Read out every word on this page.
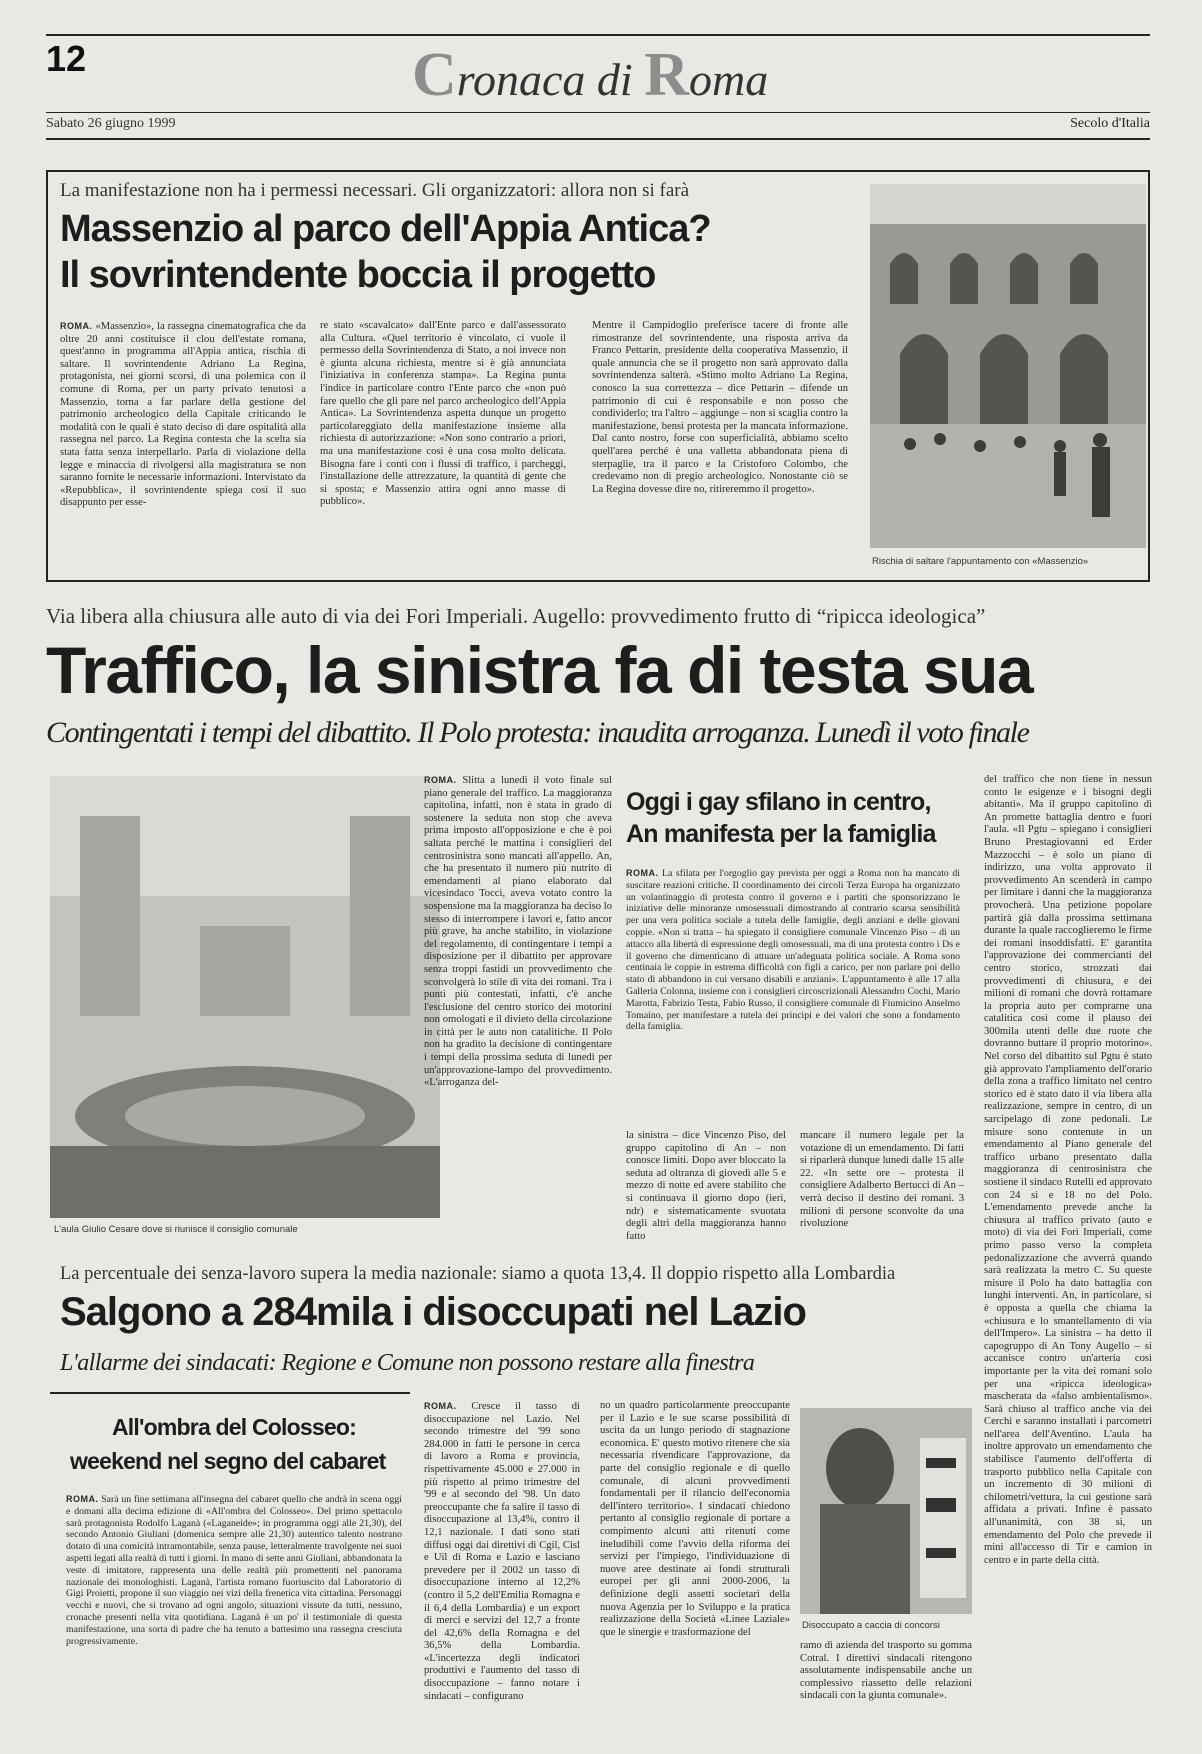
12	Cronaca di Roma
Sabato 26 giugno 1999	Secolo d'Italia
La manifestazione non ha i permessi necessari. Gli organizzatori: allora non si farà
Massenzio al parco dell'Appia Antica?
Il sovrintendente boccia il progetto
ROMA. «Massenzio», la rassegna cinematografica che da oltre 20 anni costituisce il clou dell'estate romana, quest'anno in programma all'Appia antica, rischia di saltare. Il sovrintendente Adriano La Regina, protagonista, nei giorni scorsi, di una polemica con il comune di Roma, per un party privato tenutosi a Massenzio, torna a far parlare della gestione del patrimonio archeologico della Capitale criticando le modalità con le quali è stato deciso di dare ospitalità alla rassegna nel parco. La Regina contesta che la scelta sia stata fatta senza interpellarlo. Parla di violazione della legge e minaccia di rivolgersi alla magistratura se non saranno fornite le necessarie informazioni. Intervistato da «Repubblica», il sovrintendente spiega così il suo disappunto per esse-
re stato «scavalcato» dall'Ente parco e dall'assessorato alla Cultura. «Quel territorio è vincolato, ci vuole il permesso della Sovrintendenza di Stato, a noi invece non è giunta alcuna richiesta, mentre si è già annunciata l'iniziativa in conferenza stampa». La Regina punta l'indice in particolare contro l'Ente parco che «non può fare quello che gli pare nel parco archeologico dell'Appia Antica». La Sovrintendenza aspetta dunque un progetto particolareggiato della manifestazione insieme alla richiesta di autorizzazione: «Non sono contrario a priori, ma una manifestazione così è una cosa molto delicata. Bisogna fare i conti con i flussi di traffico, i parcheggi, l'installazione delle attrezzature, la quantità di gente che si sposta; e Massenzio attira ogni anno masse di pubblico».
Mentre il Campidoglio preferisce tacere di fronte alle rimostranze del sovrintendente, una risposta arriva da Franco Pettarin, presidente della cooperativa Massenzio, il quale annuncia che se il progetto non sarà approvato dalla sovrintendenza salterà. «Stimo molto Adriano La Regina, conosco la sua correttezza – dice Pettarin – difende un patrimonio di cui è responsabile e non posso che condividerlo; tra l'altro – aggiunge – non si scaglia contro la manifestazione, bensì protesta per la mancata informazione. Dal canto nostro, forse con superficialità, abbiamo scelto quell'area perché è una valletta abbandonata piena di sterpaglie, tra il parco e la Cristoforo Colombo, che credevamo non di pregio archeologico. Nonostante ciò se La Regina dovesse dire no, ritireremmo il progetto».
Rischia di saltare l'appuntamento con «Massenzio»
Via libera alla chiusura alle auto di via dei Fori Imperiali. Augello: provvedimento frutto di “ripicca ideologica”
Traffico, la sinistra fa di testa sua
Contingentati i tempi del dibattito. Il Polo protesta: inaudita arroganza. Lunedì il voto finale
L'aula Giulio Cesare dove si riunisce il consiglio comunale
ROMA. Slitta a lunedì il voto finale sul piano generale del traffico. La maggioranza capitolina, infatti, non è stata in grado di sostenere la seduta non stop che aveva prima imposto all'opposizione e che è poi saltata perché le mattina i consiglieri del centrosinistra sono mancati all'appello. An, che ha presentato il numero più nutrito di emendamenti al piano elaborato dal vicesindaco Tocci, aveva votato contro la sospensione ma la maggioranza ha deciso lo stesso di interrompere i lavori e, fatto ancor più grave, ha anche stabilito, in violazione del regolamento, di contingentare i tempi a disposizione per il dibattito per approvare senza troppi fastidi un provvedimento che sconvolgerà lo stile di vita dei romani. Tra i punti più contestati, infatti, c'è anche l'esclusione del centro storico dei motorini non omologati e il divieto della circolazione in città per le auto non catalitiche. Il Polo non ha gradito la decisione di contingentare i tempi della prossima seduta di lunedì per un'approvazione-lampo del provvedimento. «L'arroganza del-
Oggi i gay sfilano in centro,
An manifesta per la famiglia
ROMA. La sfilata per l'orgoglio gay prevista per oggi a Roma non ha mancato di suscitare reazioni critiche. Il coordinamento dei circoli Terza Europa ha organizzato un volantinaggio di protesta contro il governo e i partiti che sponsorizzano le iniziative delle minoranze omosessuali dimostrando al contrario scarsa sensibilità per una vera politica sociale a tutela delle famiglie, degli anziani e delle giovani coppie. «Non si tratta – ha spiegato il consigliere comunale Vincenzo Piso – di un attacco alla libertà di espressione degli omosessuali, ma di una protesta contro i Ds e il governo che dimenticano di attuare un'adeguata politica sociale. A Roma sono centinaia le coppie in estrema difficoltà con figli a carico, per non parlare poi dello stato di abbandono in cui versano disabili e anziani». L'appuntamento è alle 17 alla Galleria Colonna, insieme con i consiglieri circoscrizionali Alessandro Cochi, Mario Marotta, Fabrizio Testa, Fabio Russo, il consigliere comunale di Fiumicino Anselmo Tomaino, per manifestare a tutela dei principi e dei valori che sono a fondamento della famiglia.
la sinistra – dice Vincenzo Piso, del gruppo capitolino di An – non conosce limiti. Dopo aver bloccato la seduta ad oltranza di giovedì alle 5 e mezzo di notte ed avere stabilito che si continuava il giorno dopo (ieri, ndr) e sistematicamente svuotata degli altri della maggioranza hanno fatto
mancare il numero legale per la votazione di un emendamento. Di fatti si riparlerà dunque lunedì dalle 15 alle 22. «In sette ore – protesta il consigliere Adalberto Bertucci di An – verrà deciso il destino dei romani. 3 milioni di persone sconvolte da una rivoluzione
del traffico che non tiene in nessun conto le esigenze e i bisogni degli abitanti». Ma il gruppo capitolino di An promette battaglia dentro e fuori l'aula. «Il Pgtu – spiegano i consiglieri Bruno Prestagiovanni ed Erder Mazzocchi – è solo un piano di indirizzo, una volta approvato il provvedimento An scenderà in campo per limitare i danni che la maggioranza provocherà. Una petizione popolare partirà già dalla prossima settimana durante la quale raccoglieremo le firme dei romani insoddisfatti. E' garantita l'approvazione dei commercianti del centro storico, strozzati dai provvedimenti di chiusura, e dei milioni di romani che dovrà rottamare la propria auto per comprarne una catalitica così come il plauso dei 300mila utenti delle due ruote che dovranno buttare il proprio motorino». Nel corso del dibattito sul Pgtu è stato già approvato l'ampliamento dell'orario della zona a traffico limitato nel centro storico ed è stato dato il via libera alla realizzazione, sempre in centro, di un sarcipelago di zone pedonali. Le misure sono contenute in un emendamento al Piano generale del traffico urbano presentato dalla maggioranza di centrosinistra che sostiene il sindaco Rutelli ed approvato con 24 sì e 18 no del Polo. L'emendamento prevede anche la chiusura al traffico privato (auto e moto) di via dei Fori Imperiali, come primo passo verso la completa pedonalizzazione che avverrà quando sarà realizzata la metro C. Su queste misure il Polo ha dato battaglia con lunghi interventi. An, in particolare, si è opposta a quella che chiama la «chiusura e lo smantellamento di via dell'Impero». La sinistra – ha detto il capogruppo di An Tony Augello – si accanisce contro un'arteria così importante per la vita dei romani solo per una «ripicca ideologica» mascherata da «falso ambientalismo». Sarà chiuso al traffico anche via dei Cerchi e saranno installati i parcometri nell'area dell'Aventino. L'aula ha inoltre approvato un emendamento che stabilisce l'aumento dell'offerta di trasporto pubblico nella Capitale con un incremento di 30 milioni di chilometri/vettura, la cui gestione sarà affidata a privati. Infine è passato all'unanimità, con 38 sì, un emendamento del Polo che prevede il mini all'accesso di Tir e camion in centro e in parte della città.
La percentuale dei senza-lavoro supera la media nazionale: siamo a quota 13,4. Il doppio rispetto alla Lombardia
Salgono a 284mila i disoccupati nel Lazio
L'allarme dei sindacati: Regione e Comune non possono restare alla finestra
ROMA. Cresce il tasso di disoccupazione nel Lazio. Nel secondo trimestre del '99 sono 284.000 in fatti le persone in cerca di lavoro a Roma e provincia, rispettivamente 45.000 e 27.000 in più rispetto al primo trimestre del '99 e al secondo del '98. Un dato preoccupante che fa salire il tasso di disoccupazione al 13,4%, contro il 12,1 nazionale. I dati sono stati diffusi oggi dai direttivi di Cgil, Cisl e Uil di Roma e Lazio e lasciano prevedere per il 2002 un tasso di disoccupazione interno al 12,2% (contro il 5,2 dell'Emilia Romagna e il 6,4 della Lombardia) e un export di merci e servizi del 12,7 a fronte del 42,6% della Romagna e del 36,5% della Lombardia. «L'incertezza degli indicatori produttivi e l'aumento del tasso di disoccupazione – fanno notare i sindacati – configurano
no un quadro particolarmente preoccupante per il Lazio e le sue scarse possibilità di uscita da un lungo periodo di stagnazione economica. E' questo motivo ritenere che sia necessaria rivendicare l'approvazione, da parte del consiglio regionale e di quello comunale, di alcuni provvedimenti fondamentali per il rilancio dell'economia dell'intero territorio». I sindacati chiedono pertanto al consiglio regionale di portare a compimento alcuni atti ritenuti come ineludibili come l'avvio della riforma dei servizi per l'impiego, l'individuazione di nuove aree destinate ai fondi strutturali europei per gli anni 2000-2006, la definizione degli assetti societari della nuova Agenzia per lo Sviluppo e la pratica realizzazione della Società «Linee Laziale» que le sinergie e trasformazione del
Disoccupato a caccia di concorsi
ramo di azienda del trasporto su gomma Cotral. I direttivi sindacali ritengono assolutamente indispensabile anche un complessivo riassetto delle relazioni sindacali con la giunta comunale».
All'ombra del Colosseo:
weekend nel segno del cabaret
ROMA. Sarà un fine settimana all'insegna del cabaret quello che andrà in scena oggi e domani alla decima edizione di «All'ombra del Colosseo». Del primo spettacolo sarà protagonista Rodolfo Laganà («Laganeide»; in programma oggi alle 21,30), del secondo Antonio Giuliani (domenica sempre alle 21,30) autentico talento nostrano dotato di una comicità intramontabile, senza pause, letteralmente travolgente nei suoi aspetti legati alla realtà di tutti i giorni. In mano di sette anni Giuliani, abbandonata la veste di imitatore, rappresenta una delle realtà più promettenti nel panorama nazionale dei monologhisti. Laganà, l'artista romano fuoriuscito dal Laboratorio di Gigi Proietti, propone il suo viaggio nei vizi della frenetica vita cittadina. Personaggi vecchi e nuovi, che si trovano ad ogni angolo, situazioni vissute da tutti, nessuno, cronache presenti nella vita quotidiana. Laganà è un po' il testimoniale di questa manifestazione, una sorta di padre che ha tenuto a battesimo una rassegna cresciuta progressivamente.
